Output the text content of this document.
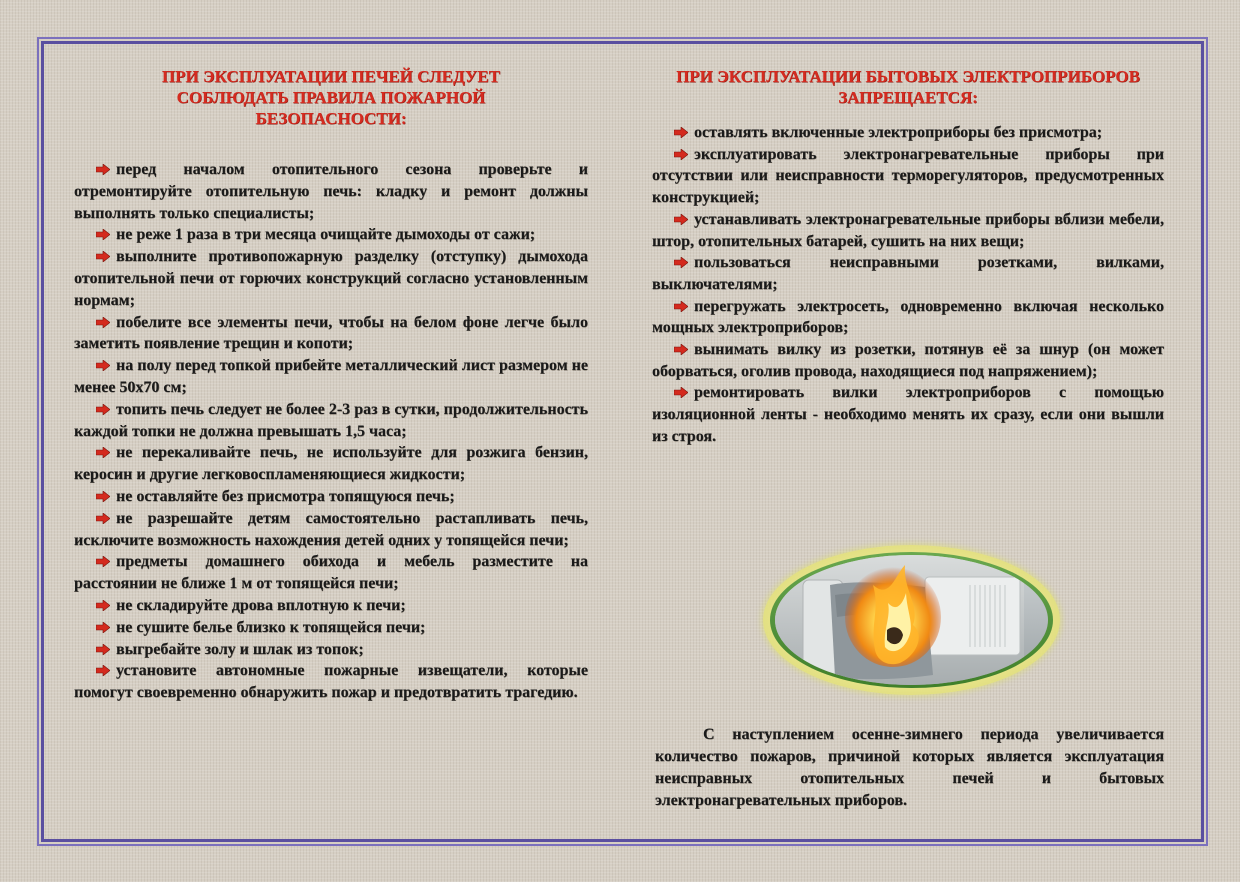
ПРИ ЭКСПЛУАТАЦИИ ПЕЧЕЙ СЛЕДУЕТ СОБЛЮДАТЬ ПРАВИЛА ПОЖАРНОЙ БЕЗОПАСНОСТИ:
перед началом отопительного сезона проверьте и отремонтируйте отопительную печь: кладку и ремонт должны выполнять только специалисты;
не реже 1 раза в три месяца очищайте дымоходы от сажи;
выполните противопожарную разделку (отступку) дымохода отопительной печи от горючих конструкций согласно установленным нормам;
побелите все элементы печи, чтобы на белом фоне легче было заметить появление трещин и копоти;
на полу перед топкой прибейте металлический лист размером не менее 50х70 см;
топить печь следует не более 2-3 раз в сутки, продолжительность каждой топки не должна превышать 1,5 часа;
не перекаливайте печь, не используйте для розжига бензин, керосин и другие легковоспламеняющиеся жидкости;
не оставляйте без присмотра топящуюся печь;
не разрешайте детям самостоятельно растапливать печь, исключите возможность нахождения детей одних у топящейся печи;
предметы домашнего обихода и мебель разместите на расстоянии не ближе 1 м от топящейся печи;
не складируйте дрова вплотную к печи;
не сушите белье близко к топящейся печи;
выгребайте золу и шлак из топок;
установите автономные пожарные извещатели, которые помогут своевременно обнаружить пожар и предотвратить трагедию.
ПРИ ЭКСПЛУАТАЦИИ БЫТОВЫХ ЭЛЕКТРОПРИБОРОВ ЗАПРЕЩАЕТСЯ:
оставлять включенные электроприборы без присмотра;
эксплуатировать электронагревательные приборы при отсутствии или неисправности терморегуляторов, предусмотренных конструкцией;
устанавливать электронагревательные приборы вблизи мебели, штор, отопительных батарей, сушить на них вещи;
пользоваться неисправными розетками, вилками, выключателями;
перегружать электросеть, одновременно включая несколько мощных электроприборов;
вынимать вилку из розетки, потянув её за шнур (он может оборваться, оголив провода, находящиеся под напряжением);
ремонтировать вилки электроприборов с помощью изоляционной ленты - необходимо менять их сразу, если они вышли из строя.

С наступлением осенне-зимнего периода увеличивается количество пожаров, причиной которых является эксплуатация неисправных отопительных печей и бытовых электронагревательных приборов.
